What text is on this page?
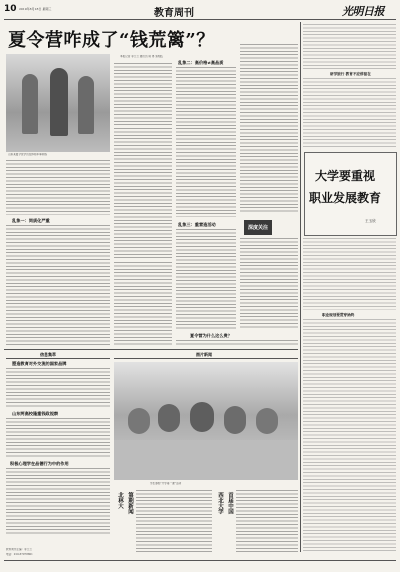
10 2019年8月18日 星期三	教育周刊	光明日报
夏令营咋成了“钱荒篱”？
山东某夏令营学员在体验军事训练
本报记者 李兰兰 通讯员 郭 冉 蔡相伍
乱象二：高价格≠高品质
乱象一：同质化严重
乱象三：重营造活动
深度关注
夏令营为什么这么贵？
研学旅行 教育不应停留在
大学要重视
职业发展教育
王玉欣
职业规划要贯穿始终
信息集萃
塑造教育对外交流的国家品牌
山东两高校隆重钱政视察
积极心理学在品德行为中的作用
教育周刊主编：李兰兰
电话：010-67078801
图片新闻
学生参加“开学第一课”活动
北林大 第期新闻	西北大学 首届中国
